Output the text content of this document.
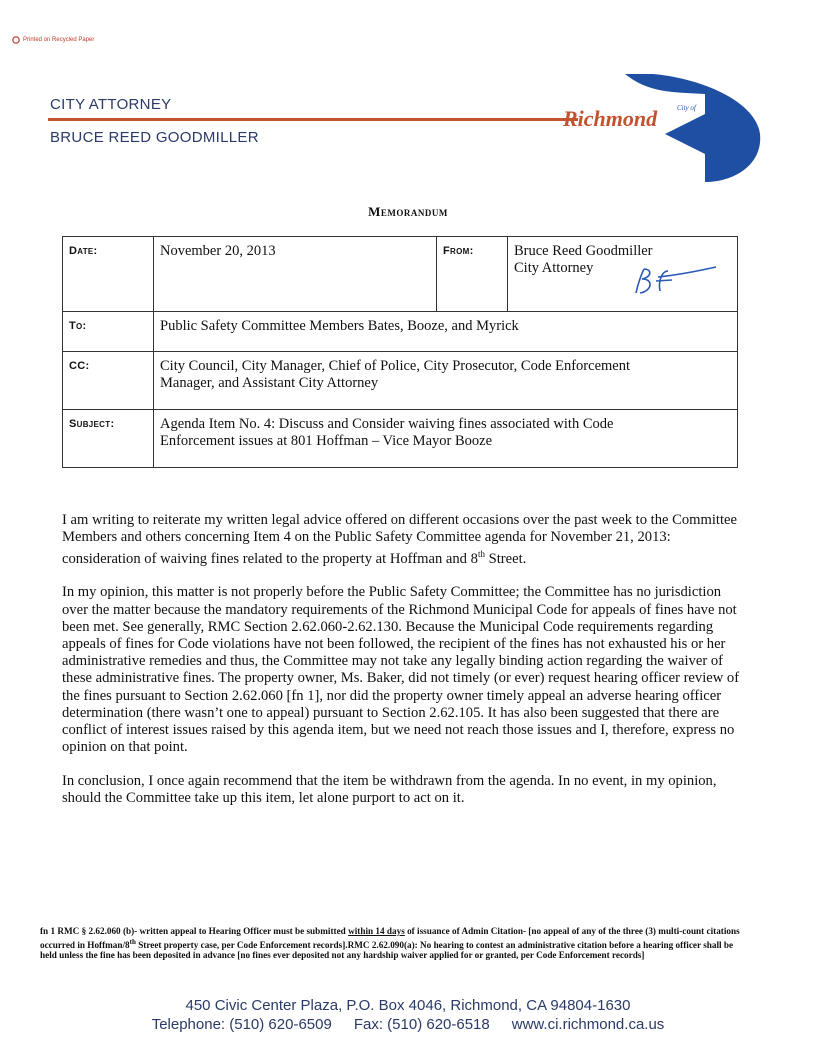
Printed on Recycled Paper
CITY ATTORNEY
BRUCE REED GOODMILLER
City of
Richmond
Memorandum
Date:	November 20, 2013	From:	Bruce Reed Goodmiller
City Attorney

To:	Public Safety Committee Members Bates, Booze, and Myrick		
CC:	City Council, City Manager, Chief of Police, City Prosecutor, Code Enforcement
Manager, and Assistant City Attorney		

Subject:	Agenda Item No. 4: Discuss and Consider waiving fines associated with Code
Enforcement issues at 801 Hoffman – Vice Mayor Booze		

I am writing to reiterate my written legal advice offered on different occasions over the past week to the Committee Members and others concerning Item 4 on the Public Safety Committee agenda for November 21, 2013: consideration of waiving fines related to the property at Hoffman and 8th Street.

In my opinion, this matter is not properly before the Public Safety Committee; the Committee has no jurisdiction over the matter because the mandatory requirements of the Richmond Municipal Code for appeals of fines have not been met. See generally, RMC Section 2.62.060-2.62.130. Because the Municipal Code requirements regarding appeals of fines for Code violations have not been followed, the recipient of the fines has not exhausted his or her administrative remedies and thus, the Committee may not take any legally binding action regarding the waiver of these administrative fines. The property owner, Ms. Baker, did not timely (or ever) request hearing officer review of the fines pursuant to Section 2.62.060 [fn 1], nor did the property owner timely appeal an adverse hearing officer determination (there wasn’t one to appeal) pursuant to Section 2.62.105. It has also been suggested that there are conflict of interest issues raised by this agenda item, but we need not reach those issues and I, therefore, express no opinion on that point.

In conclusion, I once again recommend that the item be withdrawn from the agenda. In no event, in my opinion, should the Committee take up this item, let alone purport to act on it.

fn 1 RMC § 2.62.060 (b)- written appeal to Hearing Officer must be submitted within 14 days of issuance of Admin Citation- [no appeal of any of the three (3) multi-count citations occurred in Hoffman/8th Street property case, per Code Enforcement records].RMC 2.62.090(a): No hearing to contest an administrative citation before a hearing officer shall be held unless the fine has been deposited in advance [no fines ever deposited not any hardship waiver applied for or granted, per Code Enforcement records]
450 Civic Center Plaza, P.O. Box 4046, Richmond, CA 94804-1630
Telephone: (510) 620-6509 Fax: (510) 620-6518 www.ci.richmond.ca.us
